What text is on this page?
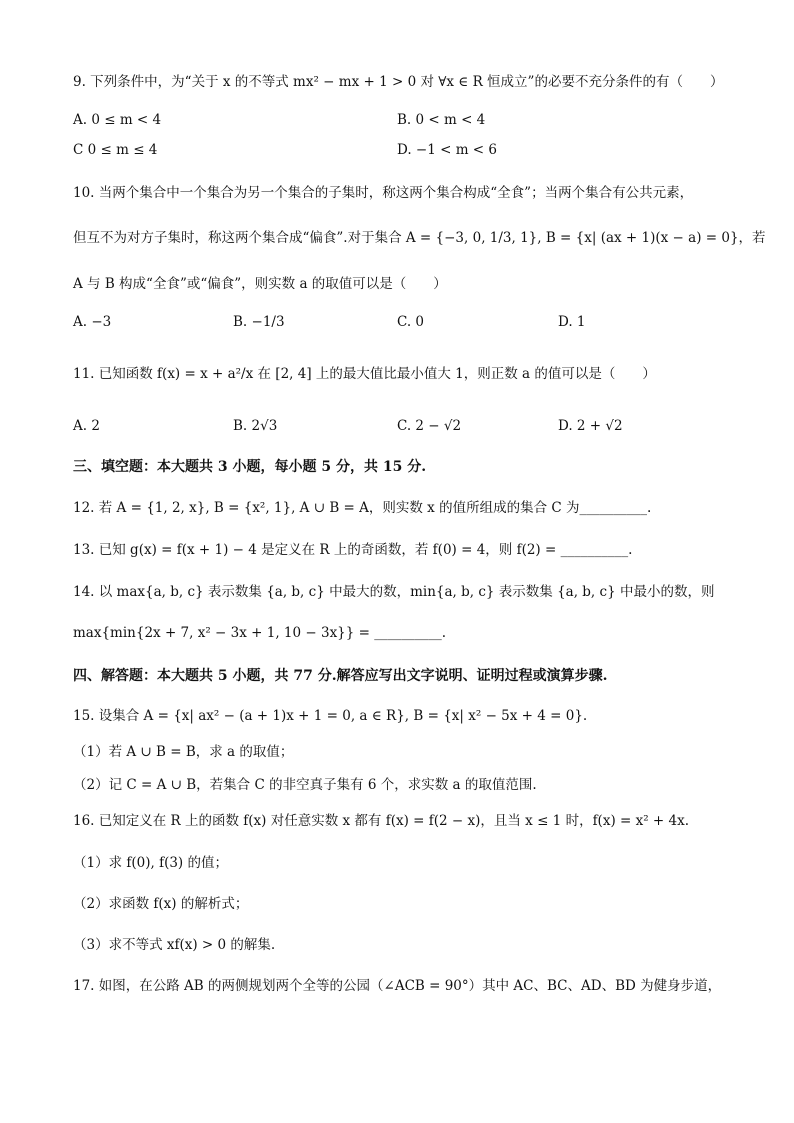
9. 下列条件中，为“关于 x 的不等式 mx² − mx + 1 > 0 对 ∀x ∈ R 恒成立”的必要不充分条件的有（　　）
A. 0 ≤ m < 4	B. 0 < m < 4
C 0 ≤ m ≤ 4	D. −1 < m < 6
10. 当两个集合中一个集合为另一个集合的子集时，称这两个集合构成“全食”；当两个集合有公共元素，
但互不为对方子集时，称这两个集合成“偏食”.对于集合 A = {−3, 0, 1/3, 1}, B = {x| (ax + 1)(x − a) = 0}，若
A 与 B 构成“全食”或“偏食”，则实数 a 的取值可以是（　　）
A. −3	B. −1/3	C. 0	D. 1
11. 已知函数 f(x) = x + a²/x 在 [2, 4] 上的最大值比最小值大 1，则正数 a 的值可以是（　　）
A. 2	B. 2√3	C. 2 − √2	D. 2 + √2
三、填空题：本大题共 3 小题，每小题 5 分，共 15 分.
12. 若 A = {1, 2, x}, B = {x², 1}, A ∪ B = A，则实数 x 的值所组成的集合 C 为__________.
13. 已知 g(x) = f(x + 1) − 4 是定义在 R 上的奇函数，若 f(0) = 4，则 f(2) = __________.
14. 以 max{a, b, c} 表示数集 {a, b, c} 中最大的数，min{a, b, c} 表示数集 {a, b, c} 中最小的数，则
max{min{2x + 7, x² − 3x + 1, 10 − 3x}} = __________.
四、解答题：本大题共 5 小题，共 77 分.解答应写出文字说明、证明过程或演算步骤.
15. 设集合 A = {x| ax² − (a + 1)x + 1 = 0, a ∈ R}, B = {x| x² − 5x + 4 = 0}.
（1）若 A ∪ B = B，求 a 的取值；
（2）记 C = A ∪ B，若集合 C 的非空真子集有 6 个，求实数 a 的取值范围.
16. 已知定义在 R 上的函数 f(x) 对任意实数 x 都有 f(x) = f(2 − x)，且当 x ≤ 1 时，f(x) = x² + 4x.
（1）求 f(0), f(3) 的值；
（2）求函数 f(x) 的解析式；
（3）求不等式 xf(x) > 0 的解集.
17. 如图，在公路 AB 的两侧规划两个全等的公园（∠ACB = 90°）其中 AC、BC、AD、BD 为健身步道，
